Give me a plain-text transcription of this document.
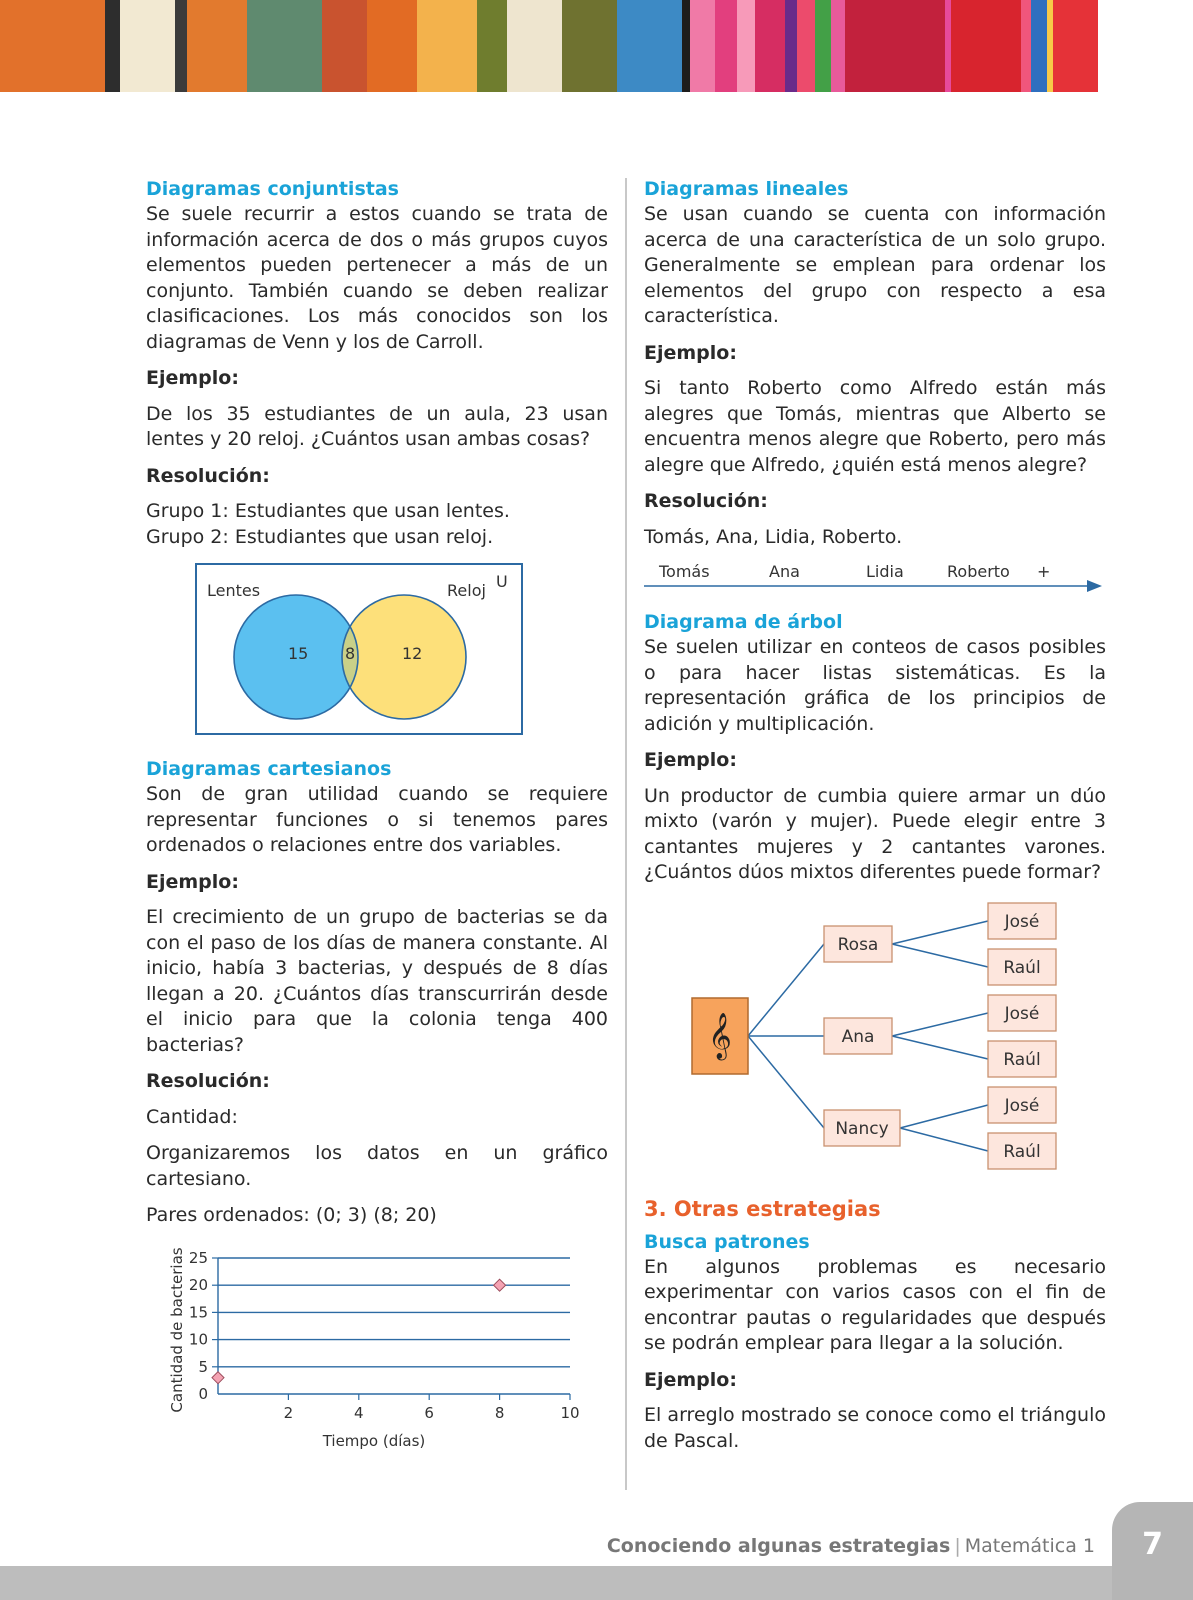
Diagramas conjuntistas

Se suele recurrir a estos cuando se trata de información acerca de dos o más grupos cuyos elementos pueden pertenecer a más de un conjunto. También cuando se deben realizar clasificaciones. Los más conocidos son los diagramas de Venn y los de Carroll.

Ejemplo:

De los 35 estudiantes de un aula, 23 usan lentes y 20 reloj. ¿Cuántos usan ambas cosas?

Resolución:

Grupo 1: Estudiantes que usan lentes.

Grupo 2: Estudiantes que usan reloj.

Lentes	Reloj U
15 8	12
Diagramas cartesianos

Son de gran utilidad cuando se requiere representar funciones o si tenemos pares ordenados o relaciones entre dos variables.

Ejemplo:

El crecimiento de un grupo de bacterias se da con el paso de los días de manera constante. Al inicio, había 3 bacterias, y después de 8 días llegan a 20. ¿Cuántos días transcurrirán desde el inicio para que la colonia tenga 400 bacterias?

Resolución:

Cantidad:

Organizaremos los datos en un gráfico cartesiano.

Pares ordenados: (0; 3) (8; 20)

0
5
10
15
20
25
2	4	6	8	10
Tiempo (días)
Cantidad de bacterias
Diagramas lineales

Se usan cuando se cuenta con información acerca de una característica de un solo grupo. Generalmente se emplean para ordenar los elementos del grupo con respecto a esa característica.

Ejemplo:

Si tanto Roberto como Alfredo están más alegres que Tomás, mientras que Alberto se encuentra menos alegre que Roberto, pero más alegre que Alfredo, ¿quién está menos alegre?

Resolución:

Tomás, Ana, Lidia, Roberto.

Tomás	Ana	Lidia	Roberto +
Diagrama de árbol

Se suelen utilizar en conteos de casos posibles o para hacer listas sistemáticas. Es la representación gráfica de los principios de adición y multiplicación.

Ejemplo:

Un productor de cumbia quiere armar un dúo mixto (varón y mujer). Puede elegir entre 3 cantantes mujeres y 2 cantantes varones. ¿Cuántos dúos mixtos diferentes puede formar?

𝄞
Rosa
Ana
Nancy
José
Raúl
José
Raúl
José
Raúl
3. Otras estrategias
Busca patrones

En algunos problemas es necesario experimentar con varios casos con el fin de encontrar pautas o regularidades que después se podrán emplear para llegar a la solución.

Ejemplo:

El arreglo mostrado se conoce como el triángulo de Pascal.

7
Conociendo algunas estrategias | Matemática 1
